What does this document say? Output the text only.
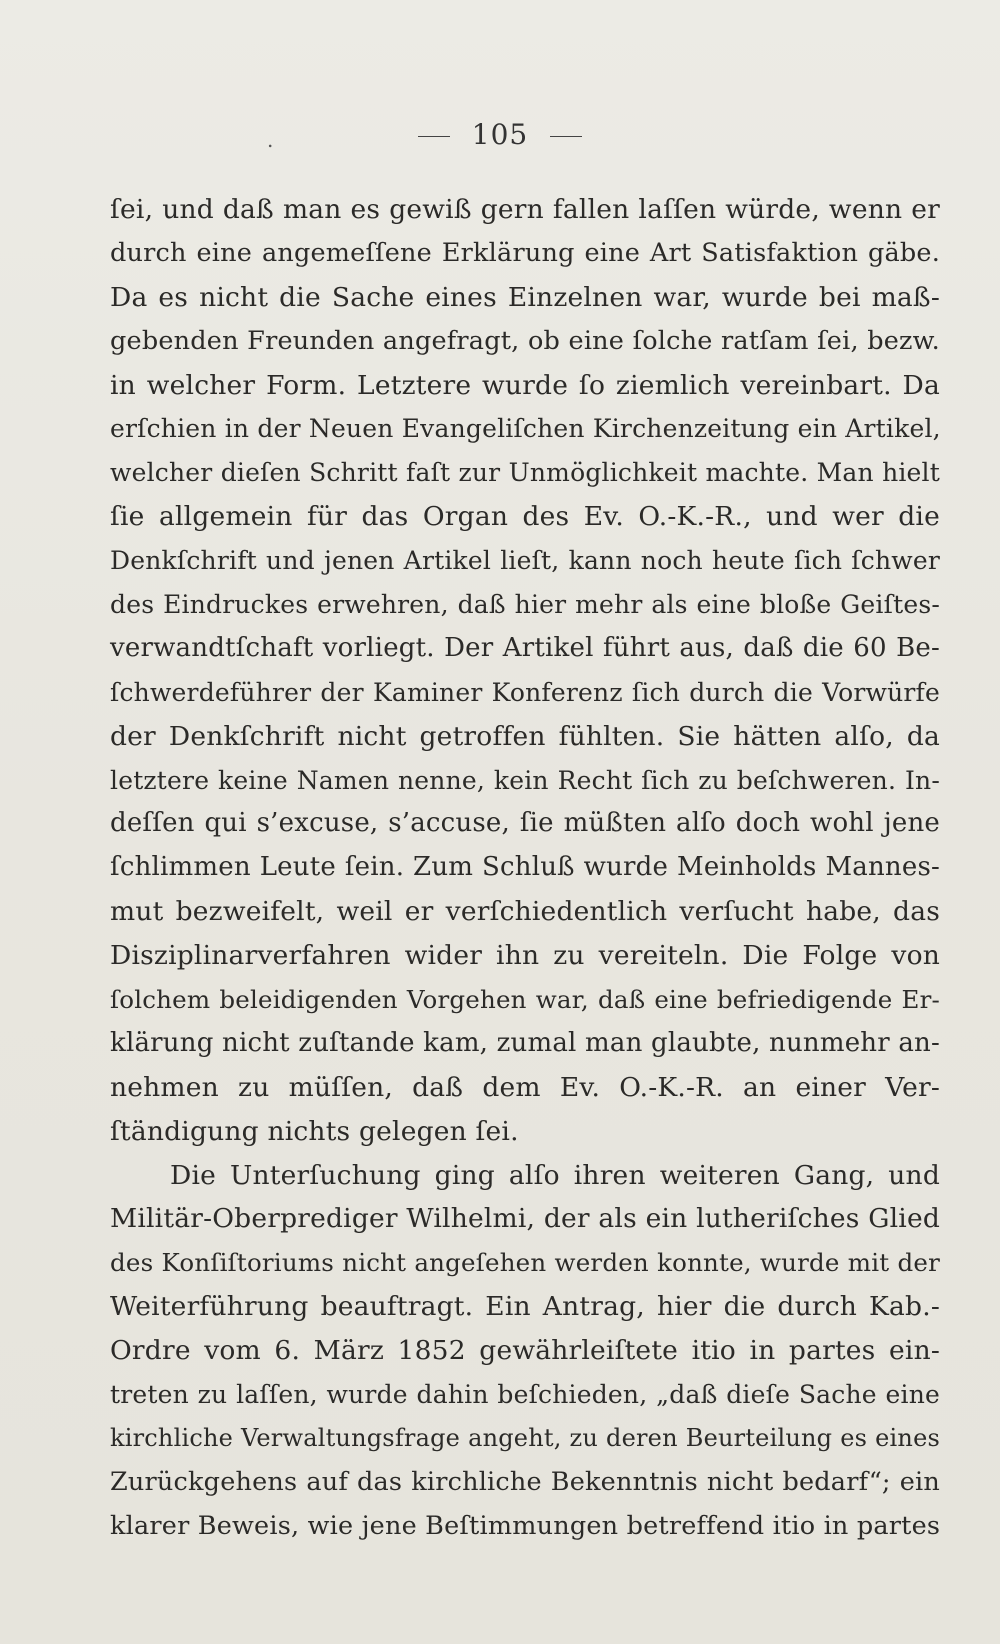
.	105
ſei, und daß man es gewiß gern fallen laſſen würde, wenn er
durch eine angemeſſene Erklärung eine Art Satisfaktion gäbe.
Da es nicht die Sache eines Einzelnen war, wurde bei maß-
gebenden Freunden angefragt, ob eine ſolche ratſam ſei, bezw.
in welcher Form. Letztere wurde ſo ziemlich vereinbart. Da
erſchien in der Neuen Evangeliſchen Kirchenzeitung ein Artikel,
welcher dieſen Schritt faſt zur Unmöglichkeit machte. Man hielt
ſie allgemein für das Organ des Ev. O.-K.-R., und wer die
Denkſchrift und jenen Artikel lieſt, kann noch heute ſich ſchwer
des Eindruckes erwehren, daß hier mehr als eine bloße Geiſtes-
verwandtſchaft vorliegt. Der Artikel führt aus, daß die 60 Be-
ſchwerdeführer der Kaminer Konferenz ſich durch die Vorwürfe
der Denkſchrift nicht getroffen fühlten. Sie hätten alſo, da
letztere keine Namen nenne, kein Recht ſich zu beſchweren. In-
deſſen qui s’excuse, s’accuse, ſie müßten alſo doch wohl jene
ſchlimmen Leute ſein. Zum Schluß wurde Meinholds Mannes-
mut bezweifelt, weil er verſchiedentlich verſucht habe, das
Disziplinarverfahren wider ihn zu vereiteln. Die Folge von
ſolchem beleidigenden Vorgehen war, daß eine befriedigende Er-
klärung nicht zuſtande kam, zumal man glaubte, nunmehr an-
nehmen zu müſſen, daß dem Ev. O.-K.-R. an einer Ver-
ſtändigung nichts gelegen ſei.
Die Unterſuchung ging alſo ihren weiteren Gang, und
Militär-Oberprediger Wilhelmi, der als ein lutheriſches Glied
des Konſiſtoriums nicht angeſehen werden konnte, wurde mit der
Weiterführung beauftragt. Ein Antrag, hier die durch Kab.-
Ordre vom 6. März 1852 gewährleiſtete itio in partes ein-
treten zu laſſen, wurde dahin beſchieden, „daß dieſe Sache eine
kirchliche Verwaltungsfrage angeht, zu deren Beurteilung es eines
Zurückgehens auf das kirchliche Bekenntnis nicht bedarf“; ein
klarer Beweis, wie jene Beſtimmungen betreffend itio in partes
